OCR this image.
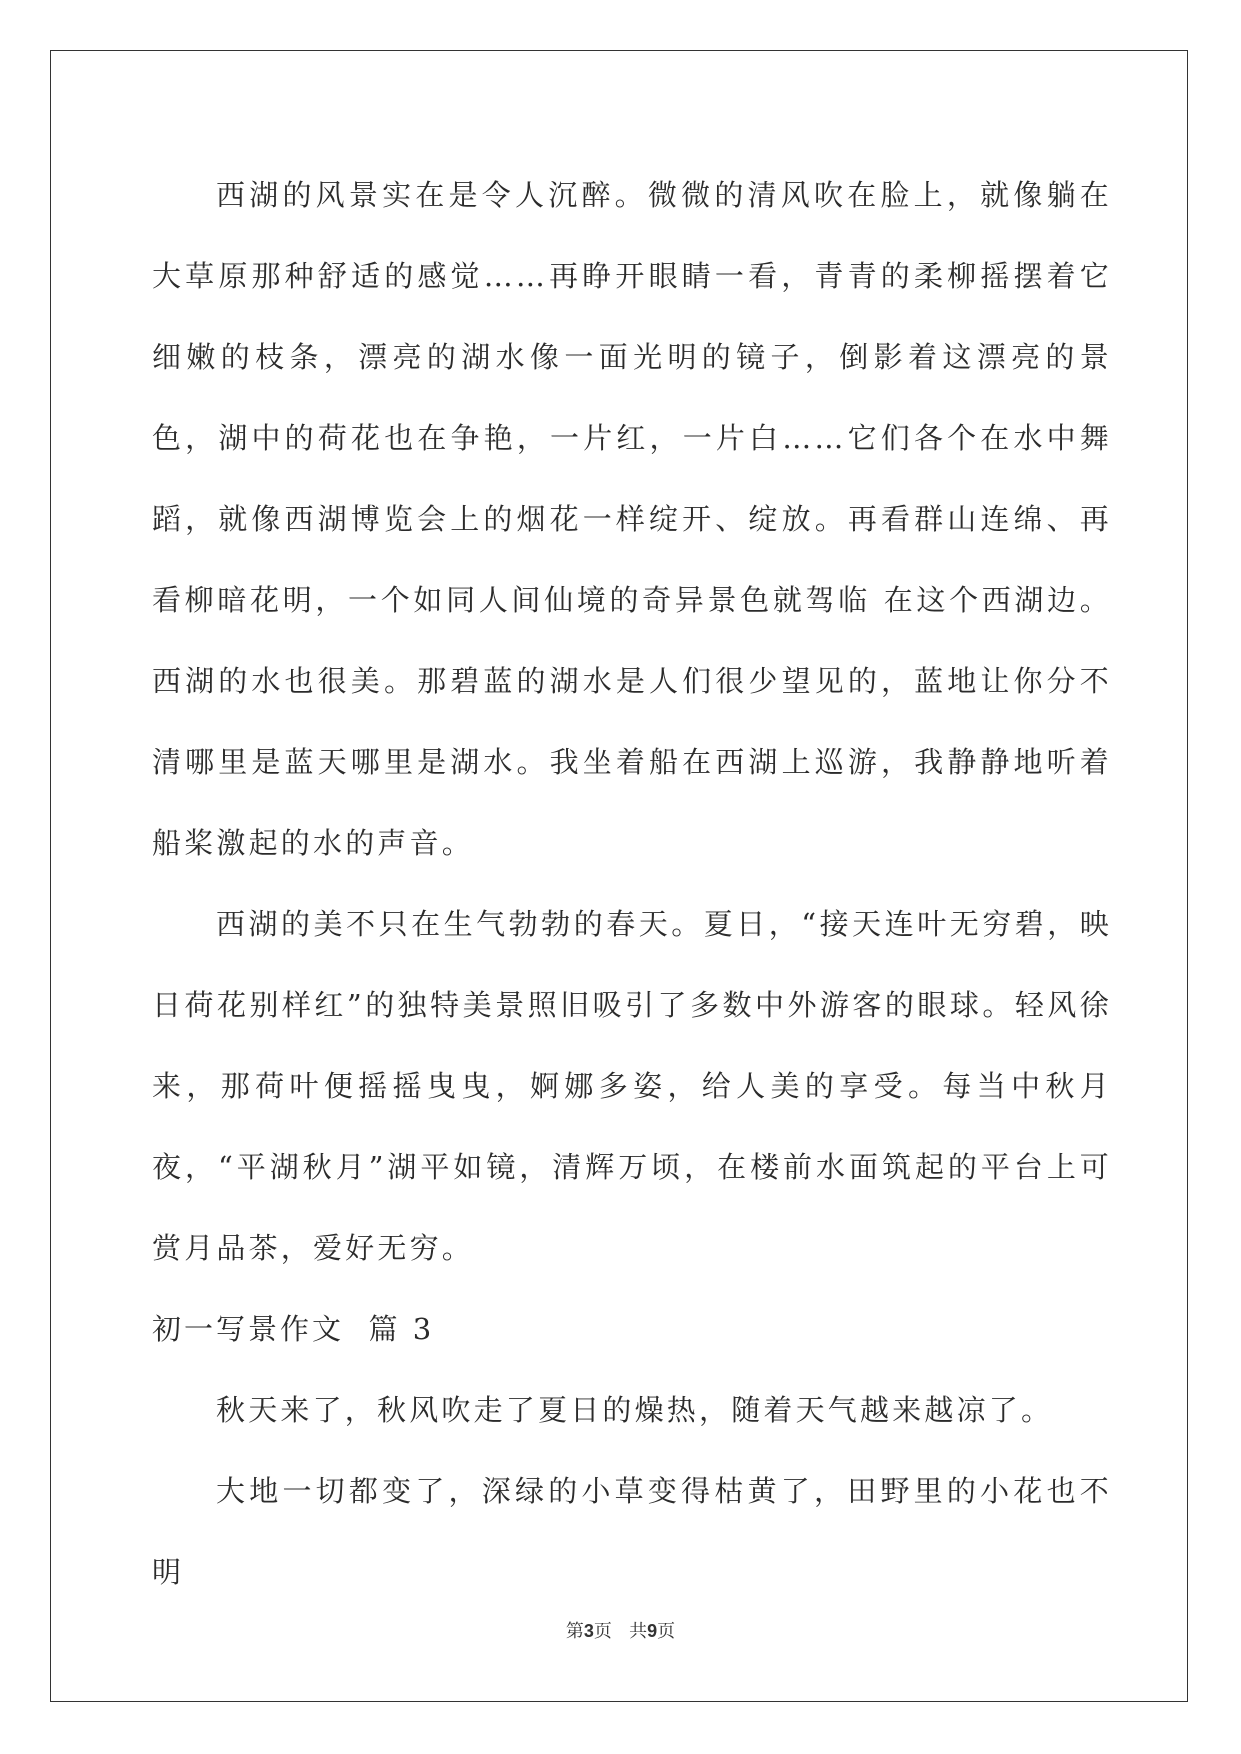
西湖的风景实在是令人沉醉。微微的清风吹在脸上，就像躺在大草原那种舒适的感觉……再睁开眼睛一看，青青的柔柳摇摆着它细嫩的枝条，漂亮的湖水像一面光明的镜子，倒影着这漂亮的景色，湖中的荷花也在争艳，一片红，一片白……它们各个在水中舞蹈，就像西湖博览会上的烟花一样绽开、绽放。再看群山连绵、再看柳暗花明，一个如同人间仙境的奇异景色就驾临 在这个西湖边。西湖的水也很美。那碧蓝的湖水是人们很少望见的，蓝地让你分不清哪里是蓝天哪里是湖水。我坐着船在西湖上巡游，我静静地听着船桨激起的水的声音。

西湖的美不只在生气勃勃的春天。夏日，“接天连叶无穷碧，映日荷花别样红”的独特美景照旧吸引了多数中外游客的眼球。轻风徐来，那荷叶便摇摇曳曳，婀娜多姿，给人美的享受。每当中秋月夜，“平湖秋月”湖平如镜，清辉万顷，在楼前水面筑起的平台上可赏月品茶，爱好无穷。

初一写景作文 篇 3

秋天来了，秋风吹走了夏日的燥热，随着天气越来越凉了。

大地一切都变了，深绿的小草变得枯黄了，田野里的小花也不明

第3页 共9页
